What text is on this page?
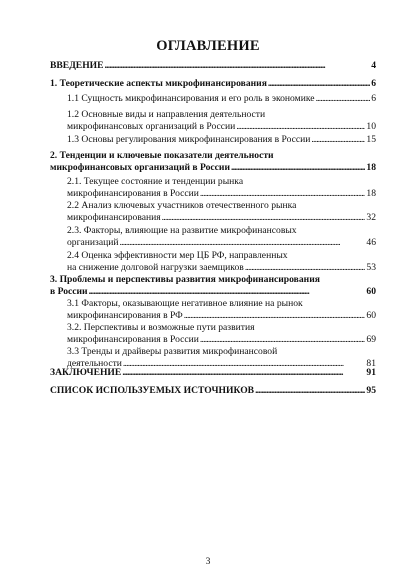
ОГЛАВЛЕНИЕ
ВВЕДЕНИЕ . . .	4
1. Теоретические аспекты микрофинансирования . . .	6
1.1 Сущность микрофинансирования и его роль в экономике . . .	6
1.2 Основные виды и направления деятельности
микрофинансовых организаций в России . . .	10
1.3 Основы регулирования микрофинансирования в России . . .	15
2. Тенденции и ключевые показатели деятельности
микрофинансовых организаций в России . . .	18
2.1. Текущее состояние и тенденции рынка
микрофинансирования в России . . .	18
2.2 Анализ ключевых участников отечественного рынка
микрофинансирования . . .	32
2.3. Факторы, влияющие на развитие микрофинансовых
организаций . . .	46
2.4 Оценка эффективности мер ЦБ РФ, направленных
на снижение долговой нагрузки заемщиков . . .	53
3. Проблемы и перспективы развития микрофинансирования
в России . . .	60
3.1 Факторы, оказывающие негативное влияние на рынок
микрофинансирования в РФ . . .	60
3.2. Перспективы и возможные пути развития
микрофинансирования в России . . .	69
3.3 Тренды и драйверы развития микрофинансовой
деятельности . . .	81
ЗАКЛЮЧЕНИЕ . . .	91
СПИСОК ИСПОЛЬЗУЕМЫХ ИСТОЧНИКОВ . . .	95
3
